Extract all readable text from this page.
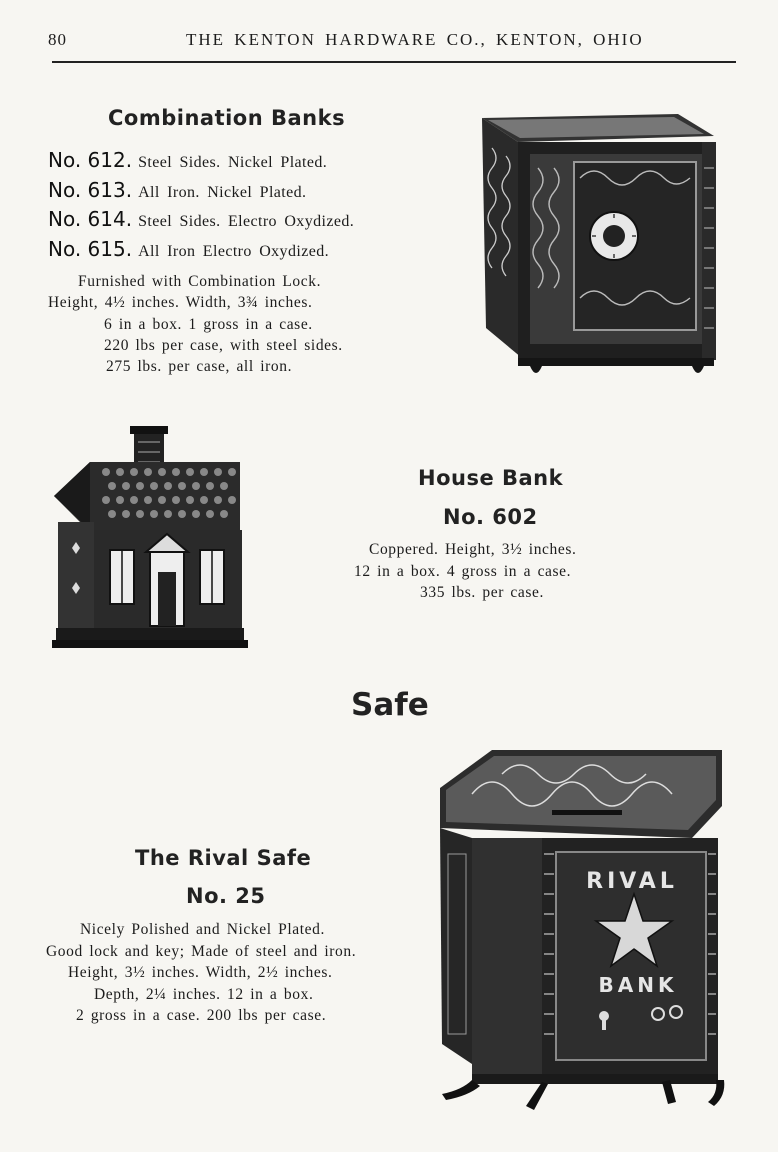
80	THE KENTON HARDWARE CO., KENTON, OHIO
Combination Banks
No. 612. Steel Sides. Nickel Plated.
No. 613. All Iron. Nickel Plated.
No. 614. Steel Sides. Electro Oxydized.
No. 615. All Iron Electro Oxydized.
Furnished with Combination Lock.
Height, 4½ inches. Width, 3¾ inches.
6 in a box. 1 gross in a case.
220 lbs per case, with steel sides.
275 lbs. per case, all iron.
House Bank
No. 602
Coppered. Height, 3½ inches.
12 in a box. 4 gross in a case.
335 lbs. per case.
Safe
The Rival Safe
No. 25
Nicely Polished and Nickel Plated.
Good lock and key; Made of steel and iron.
Height, 3½ inches. Width, 2½ inches.
Depth, 2¼ inches. 12 in a box.
2 gross in a case. 200 lbs per case.
RIVAL
BANK
